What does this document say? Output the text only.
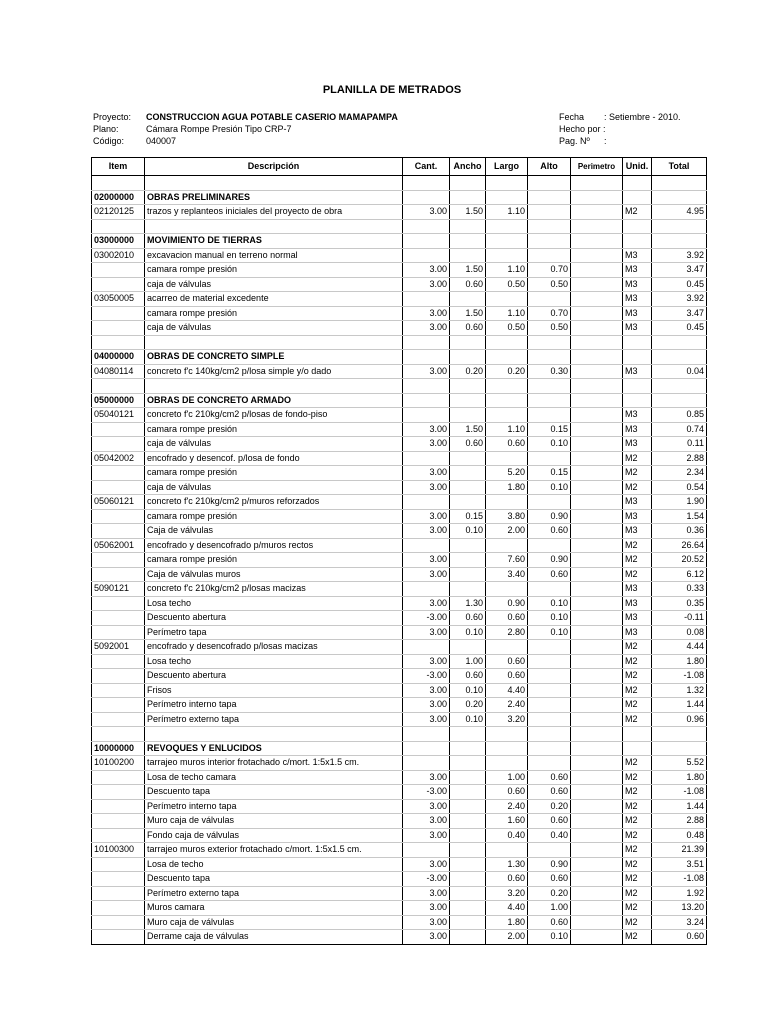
PLANILLA DE METRADOS
Proyecto: CONSTRUCCION AGUA POTABLE CASERIO MAMAPAMPA
Plano:	Cámara Rompe Presión Tipo CRP-7
Código: 040007
Fecha : Setiembre - 2010.
Hecho por :
Pag. Nº :
Item	Descripción	Cant.	Ancho	Largo	Alto	Perimetro	Unid.	Total

02000000	OBRAS PRELIMINARES							
02120125	trazos y replanteos iniciales del proyecto de obra	3.00	1.50	1.10			M2	4.95

03000000	MOVIMIENTO DE TIERRAS							
03002010	excavacion manual en terreno normal						M3	3.92
	camara rompe presión	3.00	1.50	1.10	0.70		M3	3.47
	caja de válvulas	3.00	0.60	0.50	0.50		M3	0.45
03050005	acarreo de material excedente						M3	3.92
	camara rompe presión	3.00	1.50	1.10	0.70		M3	3.47
	caja de válvulas	3.00	0.60	0.50	0.50		M3	0.45

04000000	OBRAS DE CONCRETO SIMPLE							
04080114	concreto f'c 140kg/cm2 p/losa simple y/o dado	3.00	0.20	0.20	0.30		M3	0.04

05000000	OBRAS DE CONCRETO ARMADO							
05040121	concreto f'c 210kg/cm2 p/losas de fondo-piso						M3	0.85
	camara rompe presión	3.00	1.50	1.10	0.15		M3	0.74
	caja de válvulas	3.00	0.60	0.60	0.10		M3	0.11
05042002	encofrado y desencof. p/losa de fondo						M2	2.88
	camara rompe presión	3.00		5.20	0.15		M2	2.34
	caja de válvulas	3.00		1.80	0.10		M2	0.54
05060121	concreto f'c 210kg/cm2 p/muros reforzados						M3	1.90
	camara rompe presión	3.00	0.15	3.80	0.90		M3	1.54
	Caja de válvulas	3.00	0.10	2.00	0.60		M3	0.36
05062001	encofrado y desencofrado p/muros rectos						M2	26.64
	camara rompe presión	3.00		7.60	0.90		M2	20.52
	Caja de válvulas muros	3.00		3.40	0.60		M2	6.12
5090121	concreto f'c 210kg/cm2 p/losas macizas						M3	0.33
	Losa techo	3.00	1.30	0.90	0.10		M3	0.35
	Descuento abertura	-3.00	0.60	0.60	0.10		M3	-0.11
	Perímetro tapa	3.00	0.10	2.80	0.10		M3	0.08
5092001	encofrado y desencofrado p/losas macizas						M2	4.44
	Losa techo	3.00	1.00	0.60			M2	1.80
	Descuento abertura	-3.00	0.60	0.60			M2	-1.08
	Frisos	3.00	0.10	4.40			M2	1.32
	Perímetro interno tapa	3.00	0.20	2.40			M2	1.44
	Perímetro externo tapa	3.00	0.10	3.20			M2	0.96

10000000	REVOQUES Y ENLUCIDOS							
10100200	tarrajeo muros interior frotachado c/mort. 1:5x1.5 cm.						M2	5.52
	Losa de techo camara	3.00		1.00	0.60		M2	1.80
	Descuento tapa	-3.00		0.60	0.60		M2	-1.08
	Perímetro interno tapa	3.00		2.40	0.20		M2	1.44
	Muro caja de válvulas	3.00		1.60	0.60		M2	2.88
	Fondo caja de válvulas	3.00		0.40	0.40		M2	0.48
10100300	tarrajeo muros exterior frotachado c/mort. 1:5x1.5 cm.						M2	21.39
	Losa de techo	3.00		1.30	0.90		M2	3.51
	Descuento tapa	-3.00		0.60	0.60		M2	-1.08
	Perímetro externo tapa	3.00		3.20	0.20		M2	1.92
	Muros camara	3.00		4.40	1.00		M2	13.20
	Muro caja de válvulas	3.00		1.80	0.60		M2	3.24
	Derrame caja de válvulas	3.00		2.00	0.10		M2	0.60
